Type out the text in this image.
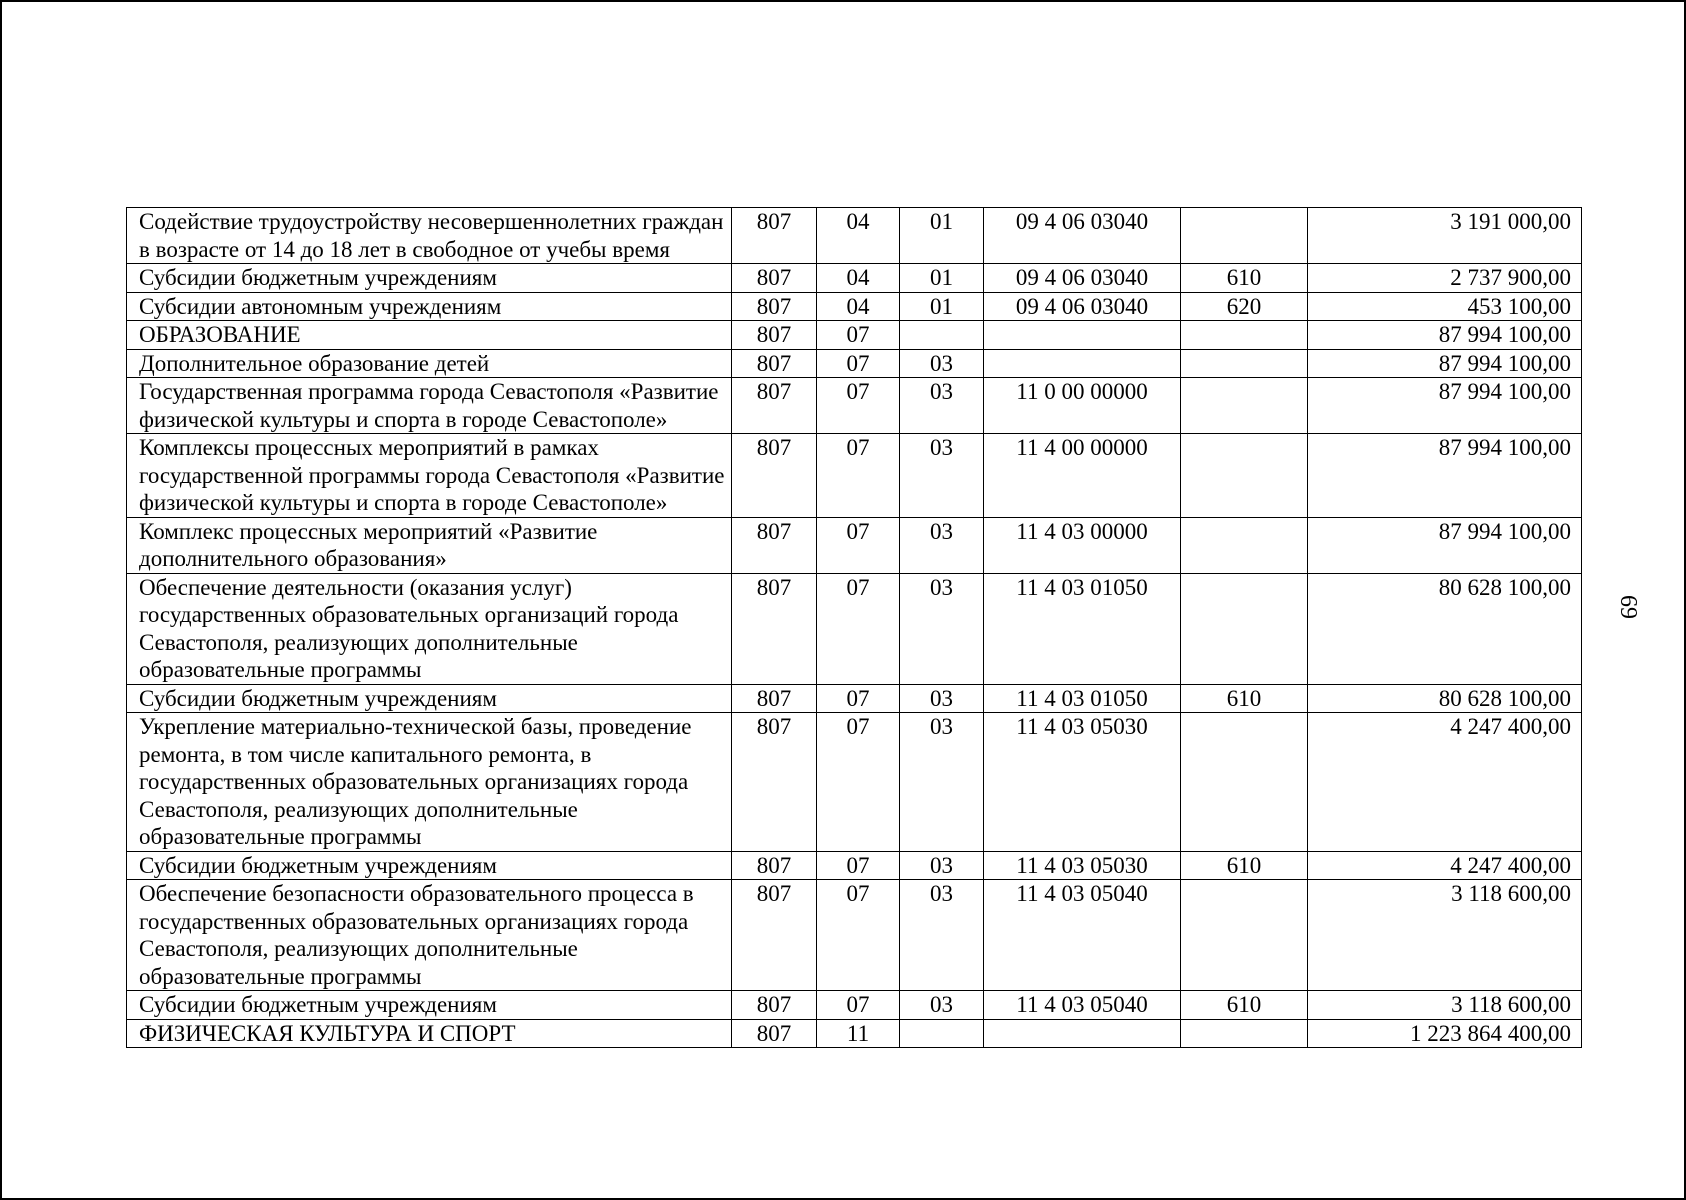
Содействие трудоустройству несовершеннолетних граждан в возрасте от 14 до 18 лет в свободное от учебы время	807	04	01	09 4 06 03040		3 191 000,00
Субсидии бюджетным учреждениям	807	04	01	09 4 06 03040	610	2 737 900,00
Субсидии автономным учреждениям	807	04	01	09 4 06 03040	620	453 100,00
ОБРАЗОВАНИЕ	807	07				87 994 100,00
Дополнительное образование детей	807	07	03			87 994 100,00
Государственная программа города Севастополя «Развитие физической культуры и спорта в городе Севастополе»	807	07	03	11 0 00 00000		87 994 100,00
Комплексы процессных мероприятий в рамках государственной программы города Севастополя «Развитие физической культуры и спорта в городе Севастополе»	807	07	03	11 4 00 00000		87 994 100,00
Комплекс процессных мероприятий «Развитие дополнительного образования»	807	07	03	11 4 03 00000		87 994 100,00
Обеспечение деятельности (оказания услуг) государственных образовательных организаций города Севастополя, реализующих дополнительные образовательные программы	807	07	03	11 4 03 01050		80 628 100,00
Субсидии бюджетным учреждениям	807	07	03	11 4 03 01050	610	80 628 100,00
Укрепление материально-технической базы, проведение ремонта, в том числе капитального ремонта, в государственных образовательных организациях города Севастополя, реализующих дополнительные образовательные программы	807	07	03	11 4 03 05030		4 247 400,00
Субсидии бюджетным учреждениям	807	07	03	11 4 03 05030	610	4 247 400,00
Обеспечение безопасности образовательного процесса в государственных образовательных организациях города Севастополя, реализующих дополнительные образовательные программы	807	07	03	11 4 03 05040		3 118 600,00
Субсидии бюджетным учреждениям	807	07	03	11 4 03 05040	610	3 118 600,00
ФИЗИЧЕСКАЯ КУЛЬТУРА И СПОРТ	807	11				1 223 864 400,00
69
